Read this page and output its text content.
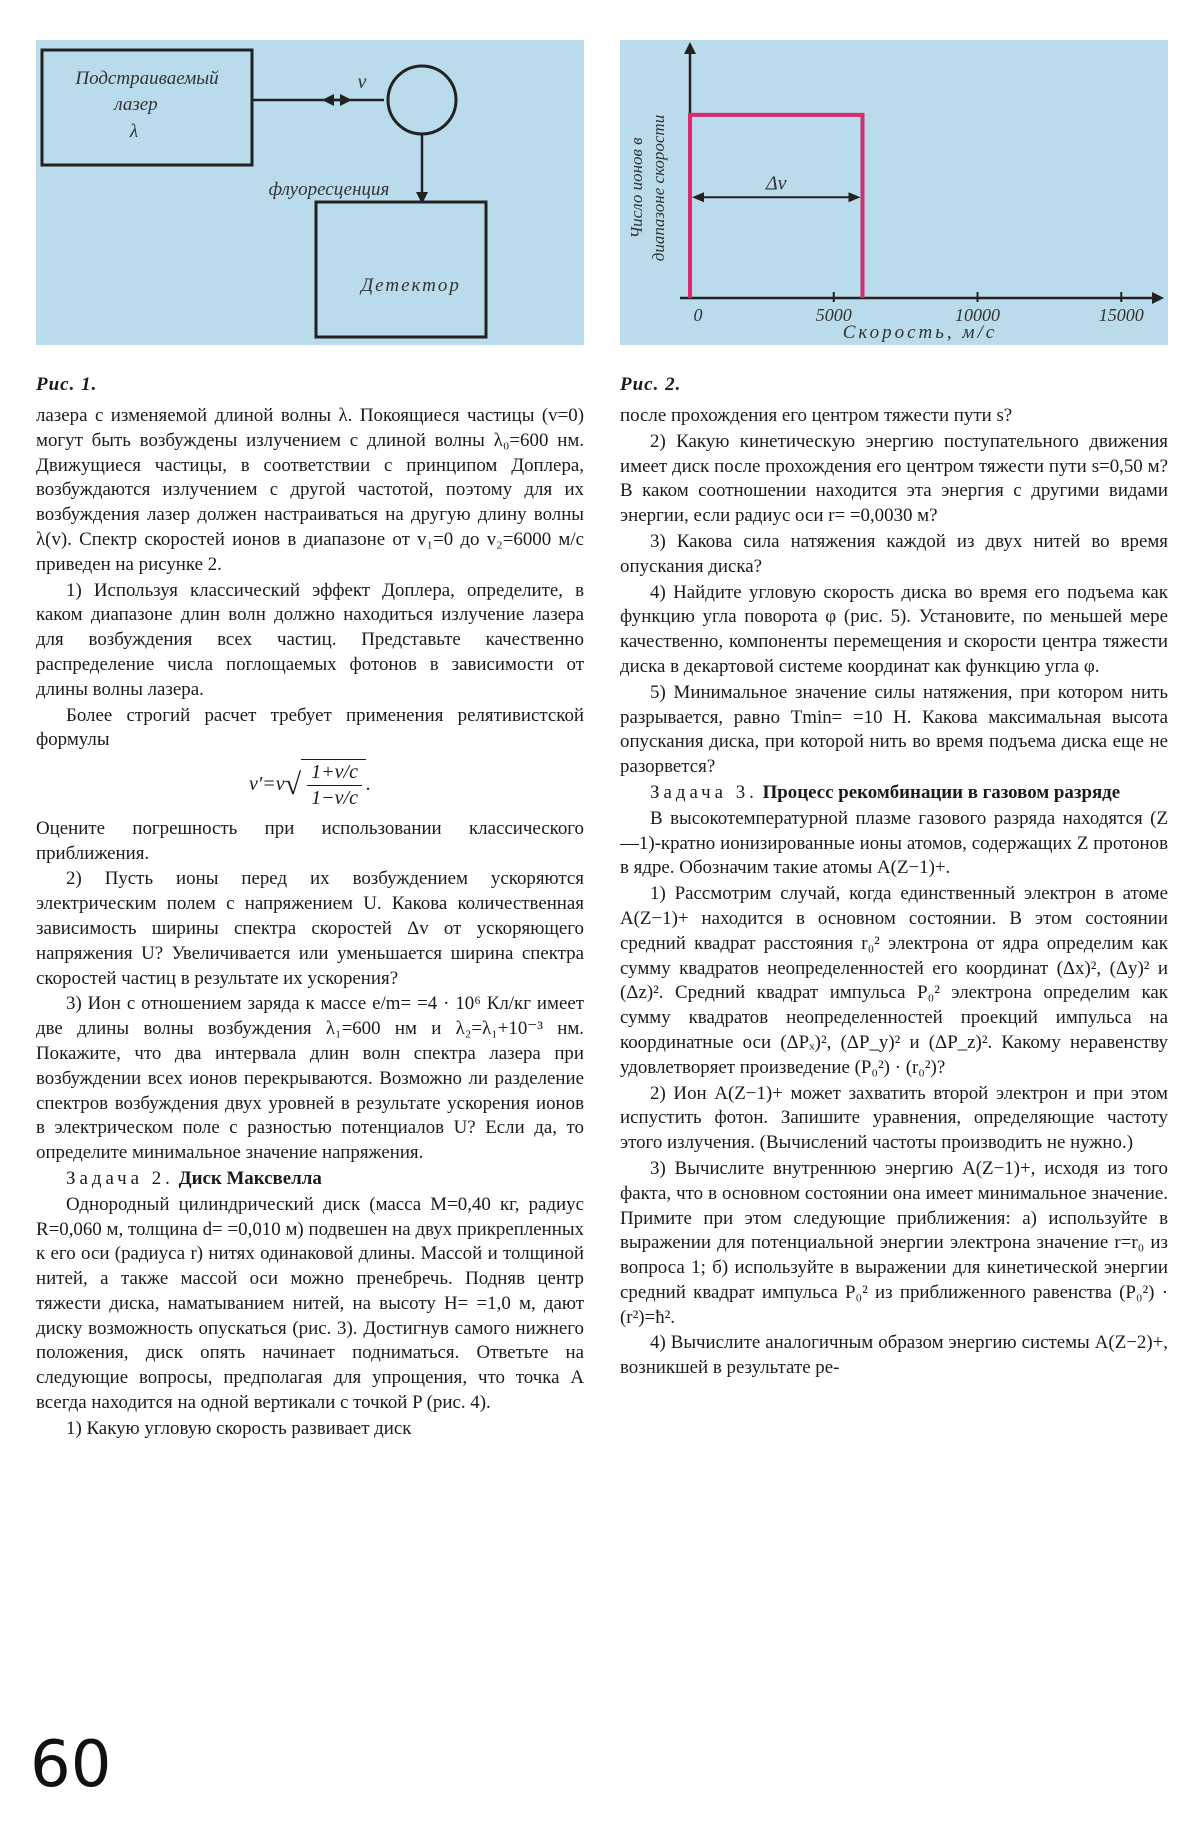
Подстраиваемый
лазер
λ
v
флуоресценция
Детектор
Число ионов в диапазоне скорости
0	5000	10000	15000
Δv
Скорость, м/с
Рис. 1.	Рис. 2.

лазера с изменяемой длиной волны λ. Покоящиеся частицы (v=0) могут быть возбуждены излучением с длиной волны λ₀=600 нм. Движущиеся частицы, в соответствии с принципом Доплера, возбуждаются излучением с другой частотой, поэтому для их возбуждения лазер должен настраиваться на другую длину волны λ(v). Спектр скоростей ионов в диапазоне от v₁=0 до v₂=6000 м/с приведен на рисунке 2.

1) Используя классический эффект Доплера, определите, в каком диапазоне длин волн должно находиться излучение лазера для возбуждения всех частиц. Представьте качественно распределение числа поглощаемых фотонов в зависимости от длины волны лазера.

Более строгий расчет требует применения релятивистской формулы

$v'=v√ \frac{1+v/c}{1-v/c}$ .

Оцените погрешность при использовании классического приближения.

2) Пусть ионы перед их возбуждением ускоряются электрическим полем с напряжением U. Какова количественная зависимость ширины спектра скоростей Δv от ускоряющего напряжения U? Увеличивается или уменьшается ширина спектра скоростей частиц в результате их ускорения?

3) Ион с отношением заряда к массе e/m= =4 · 10⁶ Кл/кг имеет две длины волны возбуждения λ₁=600 нм и λ₂=λ₁+10⁻³ нм. Покажите, что два интервала длин волн спектра лазера при возбуждении всех ионов перекрываются. Возможно ли разделение спектров возбуждения двух уровней в результате ускорения ионов в электрическом поле с разностью потенциалов U? Если да, то определите минимальное значение напряжения.

Задача 2. Диск Максвелла

Однородный цилиндрический диск (масса M=0,40 кг, радиус R=0,060 м, толщина d= =0,010 м) подвешен на двух прикрепленных к его оси (радиуса r) нитях одинаковой длины. Массой и толщиной нитей, а также массой оси можно пренебречь. Подняв центр тяжести диска, наматыванием нитей, на высоту H= =1,0 м, дают диску возможность опускаться (рис. 3). Достигнув самого нижнего положения, диск опять начинает подниматься. Ответьте на следующие вопросы, предполагая для упрощения, что точка A всегда находится на одной вертикали с точкой P (рис. 4).

1) Какую угловую скорость развивает диск

после прохождения его центром тяжести пути s?

2) Какую кинетическую энергию поступательного движения имеет диск после прохождения его центром тяжести пути s=0,50 м? В каком соотношении находится эта энергия с другими видами энергии, если радиус оси r= =0,0030 м?

3) Какова сила натяжения каждой из двух нитей во время опускания диска?

4) Найдите угловую скорость диска во время его подъема как функцию угла поворота φ (рис. 5). Установите, по меньшей мере качественно, компоненты перемещения и скорости центра тяжести диска в декартовой системе координат как функцию угла φ.

5) Минимальное значение силы натяжения, при котором нить разрывается, равно Tmin= =10 Н. Какова максимальная высота опускания диска, при которой нить во время подъема диска еще не разорвется?

Задача 3. Процесс рекомбинации в газовом разряде

В высокотемпературной плазме газового разряда находятся (Z—1)-кратно ионизированные ионы атомов, содержащих Z протонов в ядре. Обозначим такие атомы A(Z−1)+.

1) Рассмотрим случай, когда единственный электрон в атоме A(Z−1)+ находится в основном состоянии. В этом состоянии средний квадрат расстояния r₀² электрона от ядра определим как сумму квадратов неопределенностей его координат (Δx)², (Δy)² и (Δz)². Средний квадрат импульса P₀² электрона определим как сумму квадратов неопределенностей проекций импульса на координатные оси (ΔPₓ)², (ΔP_y)² и (ΔP_z)². Какому неравенству удовлетворяет произведение (P₀²) · (r₀²)?

2) Ион A(Z−1)+ может захватить второй электрон и при этом испустить фотон. Запишите уравнения, определяющие частоту этого излучения. (Вычислений частоты производить не нужно.)

3) Вычислите внутреннюю энергию A(Z−1)+, исходя из того факта, что в основном состоянии она имеет минимальное значение. Примите при этом следующие приближения: а) используйте в выражении для потенциальной энергии электрона значение r=r₀ из вопроса 1; б) используйте в выражении для кинетической энергии средний квадрат импульса P₀² из приближенного равенства (P₀²) · (r²)=ħ².

4) Вычислите аналогичным образом энергию системы A(Z−2)+, возникшей в результате ре-

60
